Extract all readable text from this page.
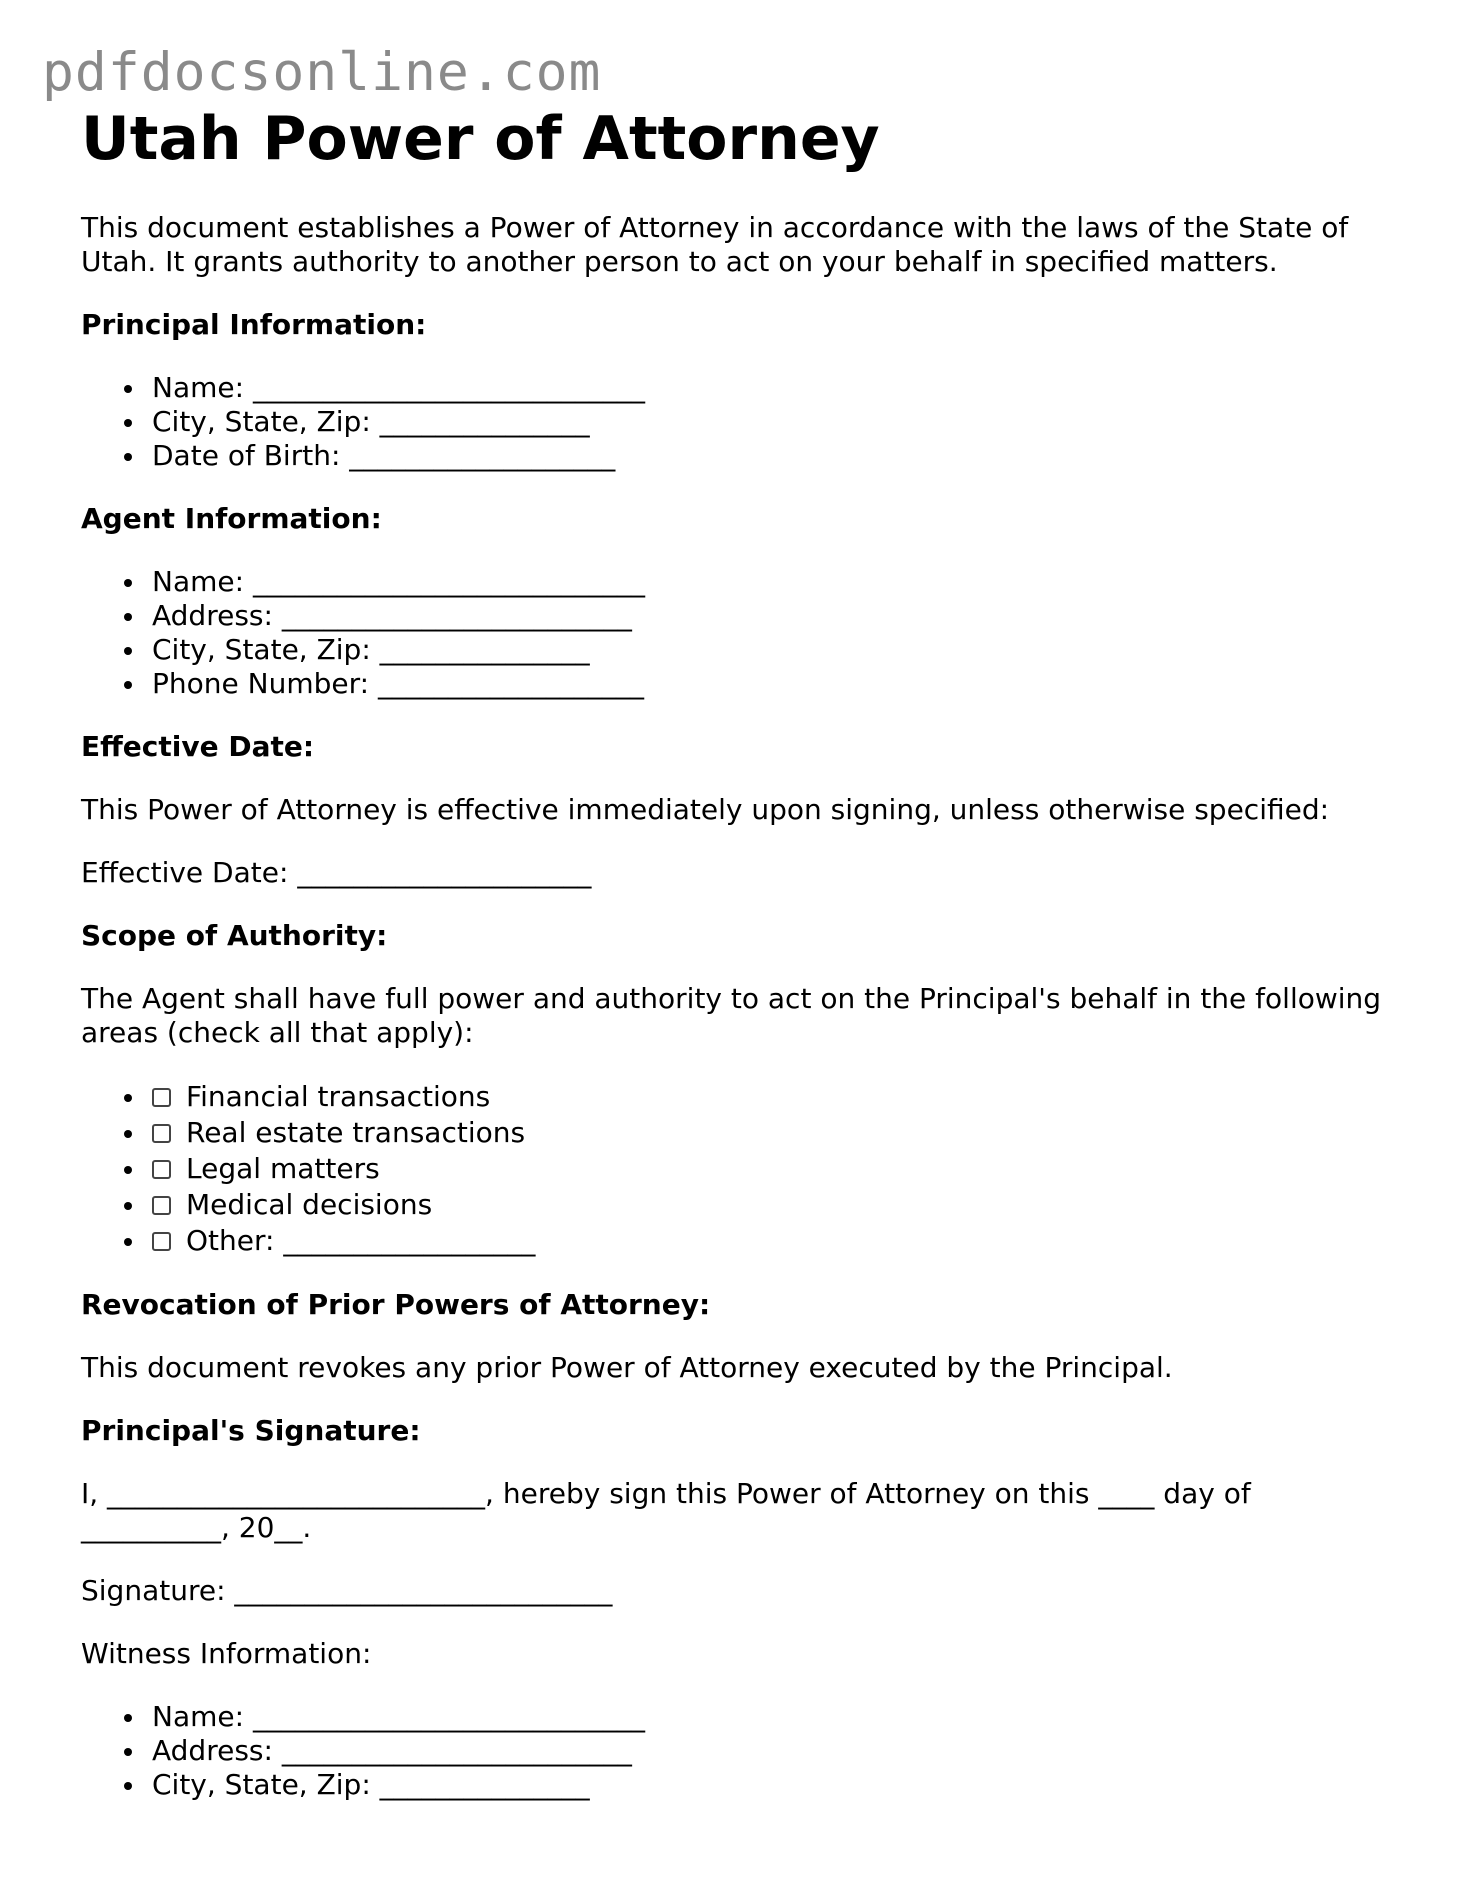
pdfdocsonline.com
Utah Power of Attorney

This document establishes a Power of Attorney in accordance with the laws of the State of Utah. It grants authority to another person to act on your behalf in specified matters.

Principal Information:
Name: ____________________________
City, State, Zip: _______________
Date of Birth: ___________________
Agent Information:
Name: ____________________________
Address: _________________________
City, State, Zip: _______________
Phone Number: ___________________
Effective Date:

This Power of Attorney is effective immediately upon signing, unless otherwise specified:

Effective Date: _____________________

Scope of Authority:

The Agent shall have full power and authority to act on the Principal's behalf in the following areas (check all that apply):

Financial transactions
Real estate transactions
Legal matters
Medical decisions
Other: __________________
Revocation of Prior Powers of Attorney:

This document revokes any prior Power of Attorney executed by the Principal.

Principal's Signature:

I, ___________________________, hereby sign this Power of Attorney on this ____ day of __________, 20__.

Signature: ___________________________

Witness Information:

Name: ____________________________
Address: _________________________
City, State, Zip: _______________
